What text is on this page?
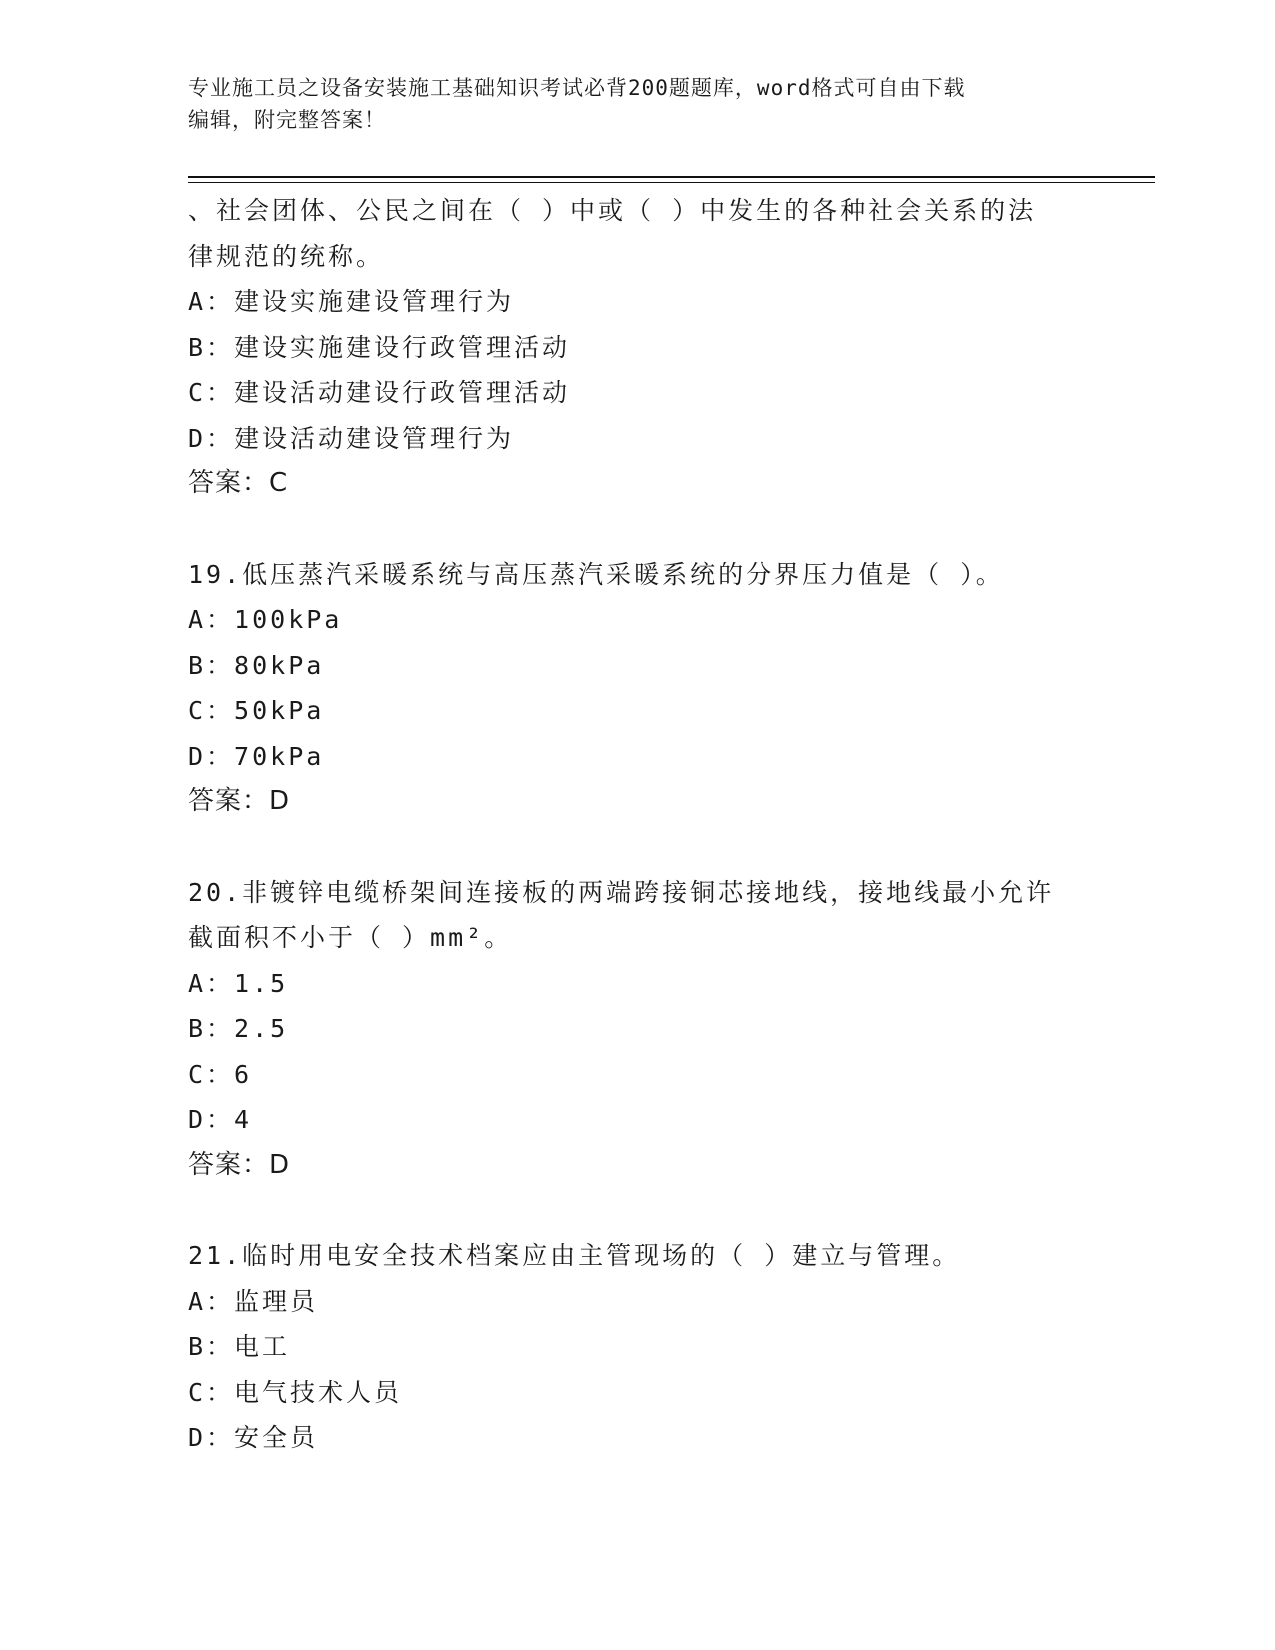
专业施工员之设备安装施工基础知识考试必背200题题库，word格式可自由下载
编辑，附完整答案！
、社会团体、公民之间在（ ）中或（ ）中发生的各种社会关系的法
律规范的统称。
A：建设实施建设管理行为
B：建设实施建设行政管理活动
C：建设活动建设行政管理活动
D：建设活动建设管理行为
答案：C
19.低压蒸汽采暖系统与高压蒸汽采暖系统的分界压力值是（ ）。
A：100kPa
B：80kPa
C：50kPa
D：70kPa
答案：D
20.非镀锌电缆桥架间连接板的两端跨接铜芯接地线，接地线最小允许
截面积不小于（ ）mm²。
A：1.5
B：2.5
C：6
D：4
答案：D
21.临时用电安全技术档案应由主管现场的（ ）建立与管理。
A：监理员
B：电工
C：电气技术人员
D：安全员
